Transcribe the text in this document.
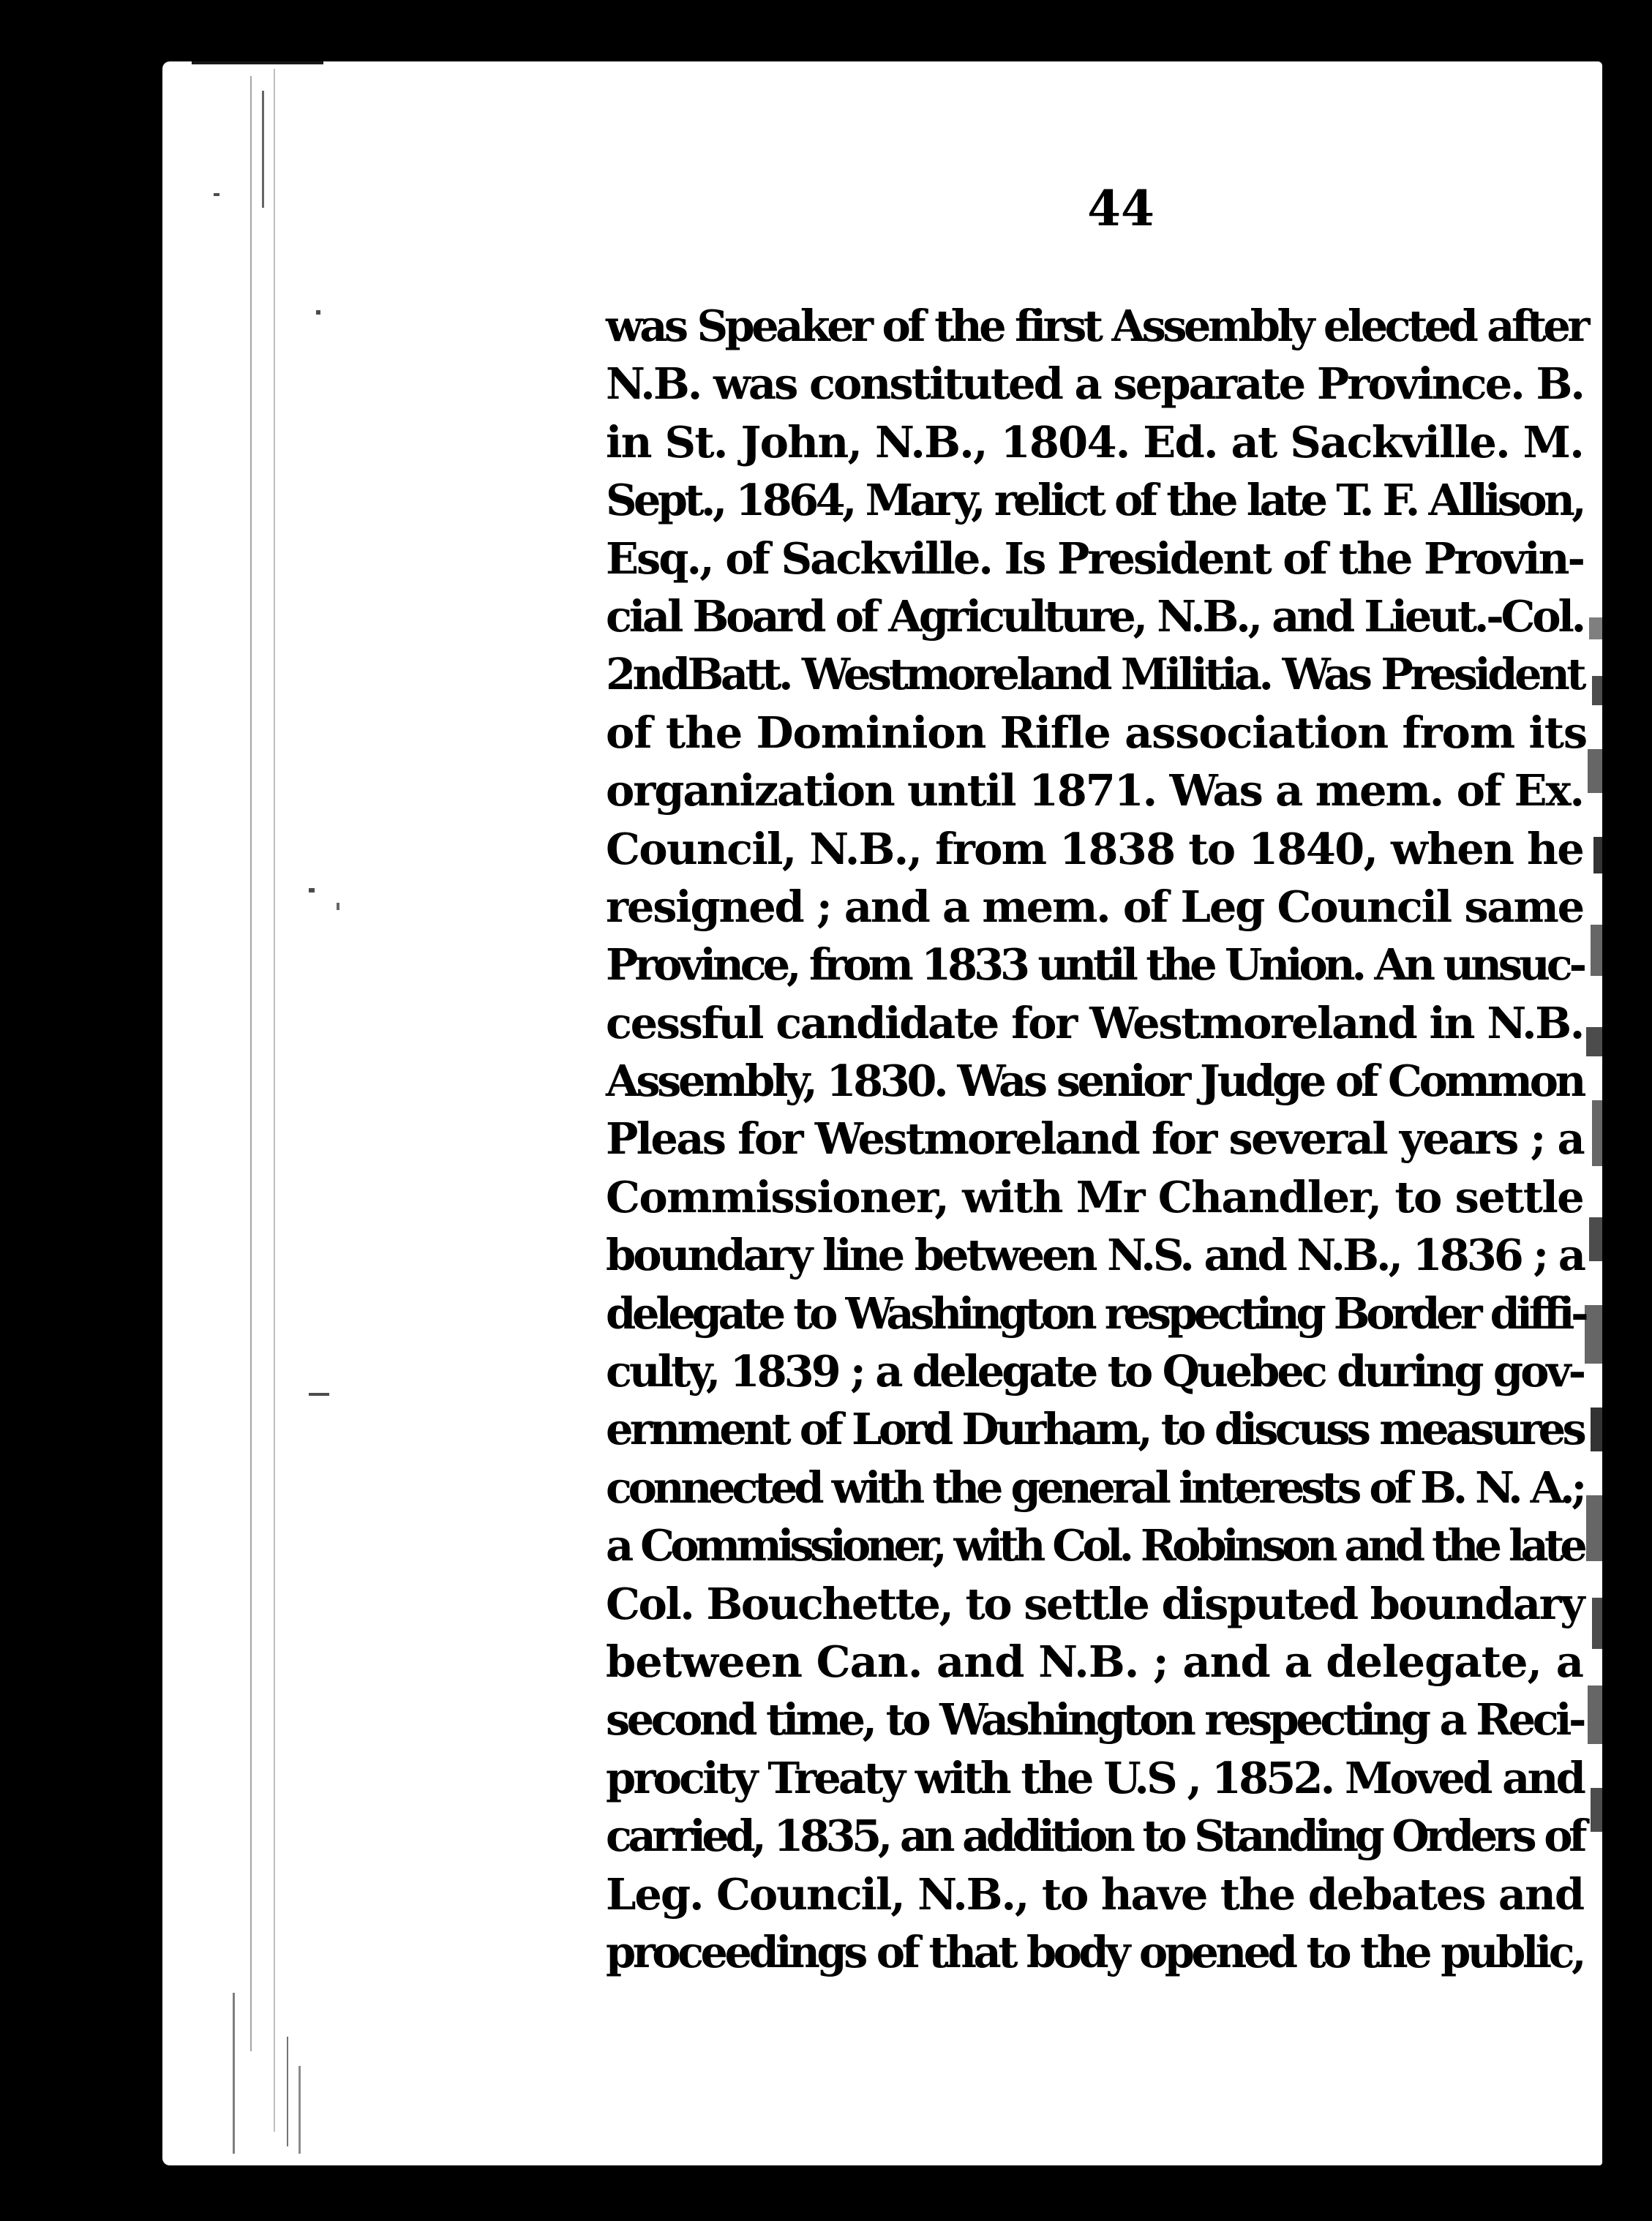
44
was Speaker of the first Assembly elected after
N.B. was constituted a separate Province. B.
in St. John, N.B., 1804. Ed. at Sackville. M.
Sept., 1864, Mary, relict of the late T. F. Allison,
Esq., of Sackville. Is President of the Provin-
cial Board of Agriculture, N.B., and Lieut.-Col.
2ndBatt. Westmoreland Militia. Was President
of the Dominion Rifle association from its
organization until 1871. Was a mem. of Ex.
Council, N.B., from 1838 to 1840, when he
resigned ; and a mem. of Leg Council same
Province, from 1833 until the Union. An unsuc-
cessful candidate for Westmoreland in N.B.
Assembly, 1830. Was senior Judge of Common
Pleas for Westmoreland for several years ; a
Commissioner, with Mr Chandler, to settle
boundary line between N.S. and N.B., 1836 ; a
delegate to Washington respecting Border diffi-
culty, 1839 ; a delegate to Quebec during gov-
ernment of Lord Durham, to discuss measures
connected with the general interests of B. N. A.;
a Commissioner, with Col. Robinson and the late
Col. Bouchette, to settle disputed boundary
between Can. and N.B. ; and a delegate, a
second time, to Washington respecting a Reci-
procity Treaty with the U.S , 1852. Moved and
carried, 1835, an addition to Standing Orders of
Leg. Council, N.B., to have the debates and
proceedings of that body opened to the public,
